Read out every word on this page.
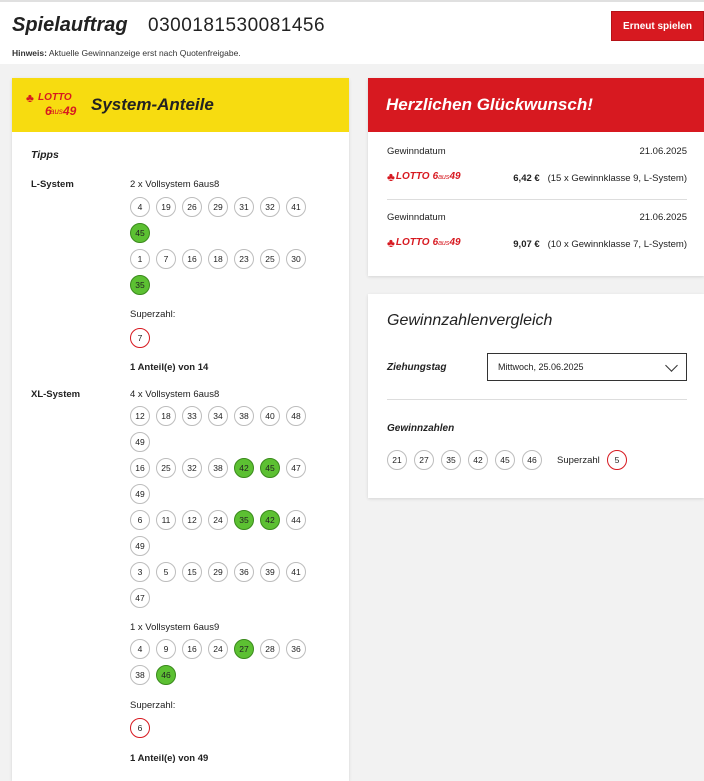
Spielauftrag 0300181530081456
Hinweis: Aktuelle Gewinnanzeige erst nach Quotenfreigabe.
Erneut spielen
♣ LOTTO
6
aus 49 System-Anteile
Tipps
L-System	2 x Vollsystem 6aus8
4	19	26	29	31	32	41
45
1	7	16	18	23	25	30
35
Superzahl:
7
1 Anteil(e) von 14
XL-System	4 x Vollsystem 6aus8
12	18	33	34	38	40	48
49
16	25	32	38	42	45	47
49
6	11	12	24	35	42	44
49
3	5	15	29	36	39	41
47
1 x Vollsystem 6aus9
4	9	16	24	27	28	36
38	46
Superzahl:
6
1 Anteil(e) von 49
Herzlichen Glückwunsch!
Gewinndatum	21.06.2025
♣ LOTTO 6 aus 49	6,42 € (15 x Gewinnklasse 9, L-System)
Gewinndatum	21.06.2025
♣ LOTTO 6 aus 49	9,07 € (10 x Gewinnklasse 7, L-System)
Gewinnzahlenvergleich
Ziehungstag	Mittwoch, 25.06.2025
Gewinnzahlen
21	27	35	42	45	46	Superzahl	5
